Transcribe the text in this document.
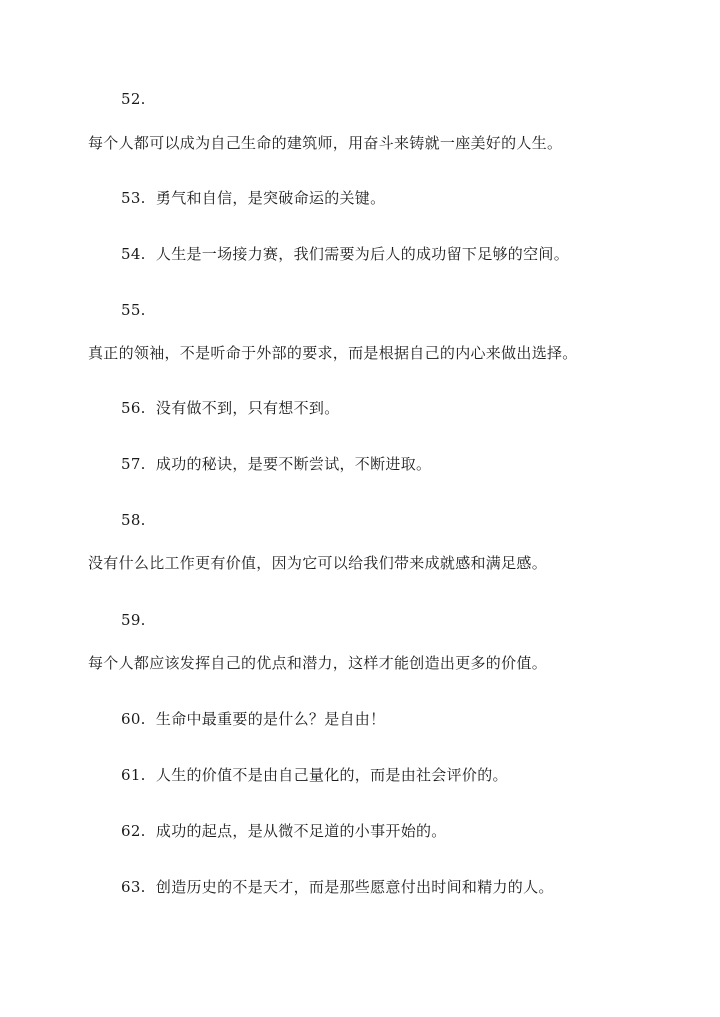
52.
每个人都可以成为自己生命的建筑师，用奋斗来铸就一座美好的人生。
53. 勇气和自信，是突破命运的关键。
54. 人生是一场接力赛，我们需要为后人的成功留下足够的空间。
55.
真正的领袖，不是听命于外部的要求，而是根据自己的内心来做出选择。
56. 没有做不到，只有想不到。
57. 成功的秘诀，是要不断尝试，不断进取。
58.
没有什么比工作更有价值，因为它可以给我们带来成就感和满足感。
59.
每个人都应该发挥自己的优点和潜力，这样才能创造出更多的价值。
60. 生命中最重要的是什么？是自由！
61. 人生的价值不是由自己量化的，而是由社会评价的。
62. 成功的起点，是从微不足道的小事开始的。
63. 创造历史的不是天才，而是那些愿意付出时间和精力的人。
